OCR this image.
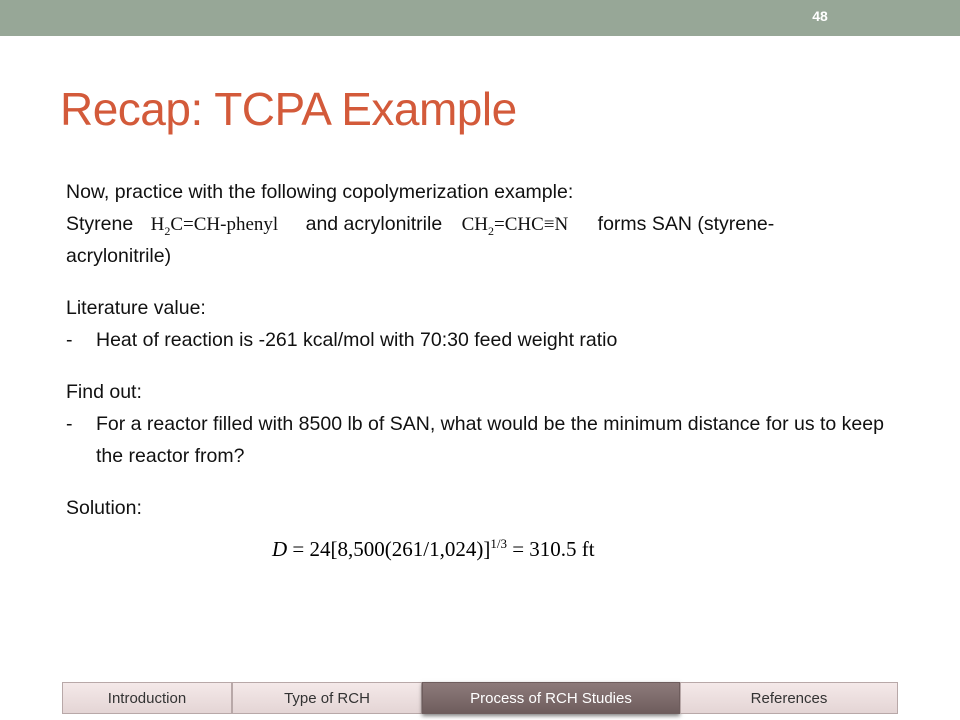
48
Recap: TCPA Example
Now, practice with the following copolymerization example:
Styrene $H_2C=CH$-phenyl and acrylonitrile $CH_2=CHC\equiv N$ forms SAN (styrene-
acrylonitrile)
Literature value:
-	Heat of reaction is -261 kcal/mol with 70:30 feed weight ratio
Find out:
-	For a reactor filled with 8500 lb of SAN, what would be the minimum distance for us to keep the reactor from?
Solution:
$D = 24[8,500(261/1,024)]^{1/3} = 310.5$ ft
Introduction	Type of RCH	Process of RCH Studies	References
